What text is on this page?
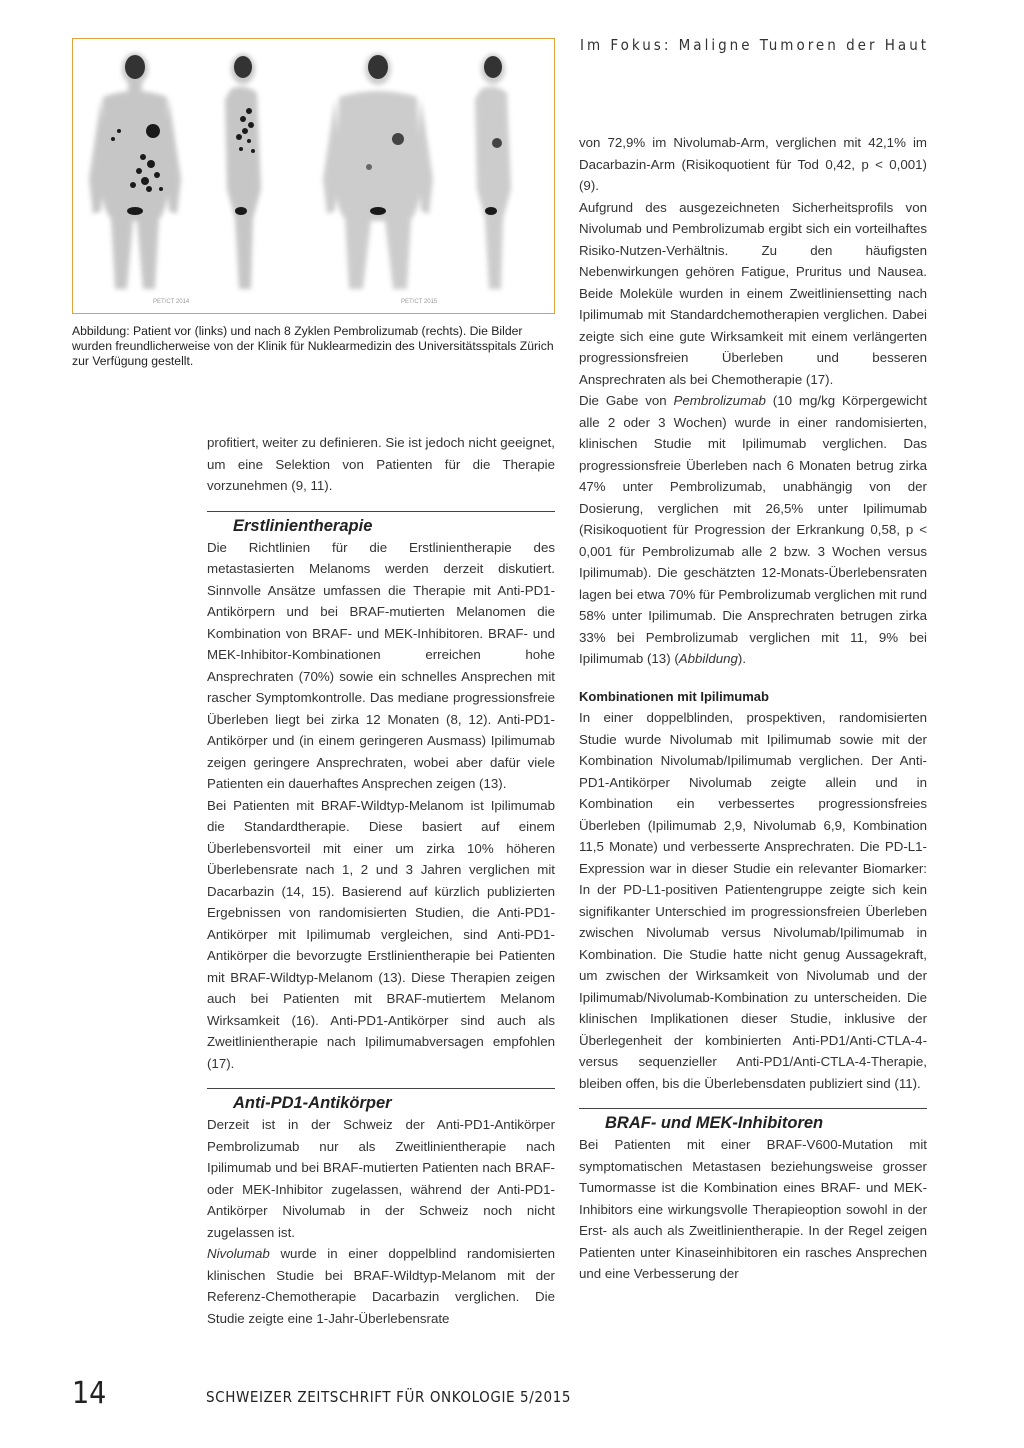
Im Fokus: Maligne Tumoren der Haut
PET/CT 2014	PET/CT 2015
Abbildung: Patient vor (links) und nach 8 Zyklen Pembrolizumab (rechts). Die Bilder wurden freundlicherweise von der Klinik für Nuklearmedizin des Universitätsspitals Zürich zur Verfügung gestellt.

profitiert, weiter zu definieren. Sie ist jedoch nicht geeignet, um eine Selektion von Patienten für die Therapie vorzunehmen (9, 11).

Erstlinientherapie

Die Richtlinien für die Erstlinientherapie des metastasierten Melanoms werden derzeit diskutiert. Sinnvolle Ansätze umfassen die Therapie mit Anti-PD1-Antikörpern und bei BRAF-mutierten Melanomen die Kombination von BRAF- und MEK-Inhibitoren. BRAF- und MEK-Inhibitor-Kombinationen erreichen hohe Ansprechraten (70%) sowie ein schnelles Ansprechen mit rascher Symptomkontrolle. Das mediane progressionsfreie Überleben liegt bei zirka 12 Monaten (8, 12). Anti-PD1-Antikörper und (in einem geringeren Ausmass) Ipilimumab zeigen geringere Ansprechraten, wobei aber dafür viele Patienten ein dauerhaftes Ansprechen zeigen (13).

Bei Patienten mit BRAF-Wildtyp-Melanom ist Ipilimumab die Standardtherapie. Diese basiert auf einem Überlebensvorteil mit einer um zirka 10% höheren Überlebensrate nach 1, 2 und 3 Jahren verglichen mit Dacarbazin (14, 15). Basierend auf kürzlich publizierten Ergebnissen von randomisierten Studien, die Anti-PD1-Antikörper mit Ipilimumab vergleichen, sind Anti-PD1-Antikörper die bevorzugte Erstlinientherapie bei Patienten mit BRAF-Wildtyp-Melanom (13). Diese Therapien zeigen auch bei Patienten mit BRAF-mutiertem Melanom Wirksamkeit (16). Anti-PD1-Antikörper sind auch als Zweitlinientherapie nach Ipilimumabversagen empfohlen (17).

Anti-PD1-Antikörper

Derzeit ist in der Schweiz der Anti-PD1-Antikörper Pembrolizumab nur als Zweitlinientherapie nach Ipilimumab und bei BRAF-mutierten Patienten nach BRAF- oder MEK-Inhibitor zugelassen, während der Anti-PD1-Antikörper Nivolumab in der Schweiz noch nicht zugelassen ist.

Nivolumab wurde in einer doppelblind randomisierten klinischen Studie bei BRAF-Wildtyp-Melanom mit der Referenz-Chemotherapie Dacarbazin verglichen. Die Studie zeigte eine 1-Jahr-Überlebensrate

von 72,9% im Nivolumab-Arm, verglichen mit 42,1% im Dacarbazin-Arm (Risikoquotient für Tod 0,42, p < 0,001) (9).

Aufgrund des ausgezeichneten Sicherheitsprofils von Nivolumab und Pembrolizumab ergibt sich ein vorteilhaftes Risiko-Nutzen-Verhältnis. Zu den häufigsten Nebenwirkungen gehören Fatigue, Pruritus und Nausea. Beide Moleküle wurden in einem Zweitliniensetting nach Ipilimumab mit Standardchemotherapien verglichen. Dabei zeigte sich eine gute Wirksamkeit mit einem verlängerten progressionsfreien Überleben und besseren Ansprechraten als bei Chemotherapie (17).

Die Gabe von Pembrolizumab (10 mg/kg Körpergewicht alle 2 oder 3 Wochen) wurde in einer randomisierten, klinischen Studie mit Ipilimumab verglichen. Das progressionsfreie Überleben nach 6 Monaten betrug zirka 47% unter Pembrolizumab, unabhängig von der Dosierung, verglichen mit 26,5% unter Ipilimumab (Risikoquotient für Progression der Erkrankung 0,58, p < 0,001 für Pembrolizumab alle 2 bzw. 3 Wochen versus Ipilimumab). Die geschätzten 12-Monats-Überlebensraten lagen bei etwa 70% für Pembrolizumab verglichen mit rund 58% unter Ipilimumab. Die Ansprechraten betrugen zirka 33% bei Pembrolizumab verglichen mit 11, 9% bei Ipilimumab (13) (Abbildung).

Kombinationen mit Ipilimumab

In einer doppelblinden, prospektiven, randomisierten Studie wurde Nivolumab mit Ipilimumab sowie mit der Kombination Nivolumab/Ipilimumab verglichen. Der Anti-PD1-Antikörper Nivolumab zeigte allein und in Kombination ein verbessertes progressionsfreies Überleben (Ipilimumab 2,9, Nivolumab 6,9, Kombination 11,5 Monate) und verbesserte Ansprechraten. Die PD-L1-Expression war in dieser Studie ein relevanter Biomarker: In der PD-L1-positiven Patientengruppe zeigte sich kein signifikanter Unterschied im progressionsfreien Überleben zwischen Nivolumab versus Nivolumab/Ipilimumab in Kombination. Die Studie hatte nicht genug Aussagekraft, um zwischen der Wirksamkeit von Nivolumab und der Ipilimumab/Nivolumab-Kombination zu unterscheiden. Die klinischen Implikationen dieser Studie, inklusive der Überlegenheit der kombinierten Anti-PD1/Anti-CTLA-4- versus sequenzieller Anti-PD1/Anti-CTLA-4-Therapie, bleiben offen, bis die Überlebensdaten publiziert sind (11).

BRAF- und MEK-Inhibitoren

Bei Patienten mit einer BRAF-V600-Mutation mit symptomatischen Metastasen beziehungsweise grosser Tumormasse ist die Kombination eines BRAF- und MEK-Inhibitors eine wirkungsvolle Therapieoption sowohl in der Erst- als auch als Zweitlinientherapie. In der Regel zeigen Patienten unter Kinaseinhibitoren ein rasches Ansprechen und eine Verbesserung der

14	SCHWEIZER ZEITSCHRIFT FÜR ONKOLOGIE 5/2015
